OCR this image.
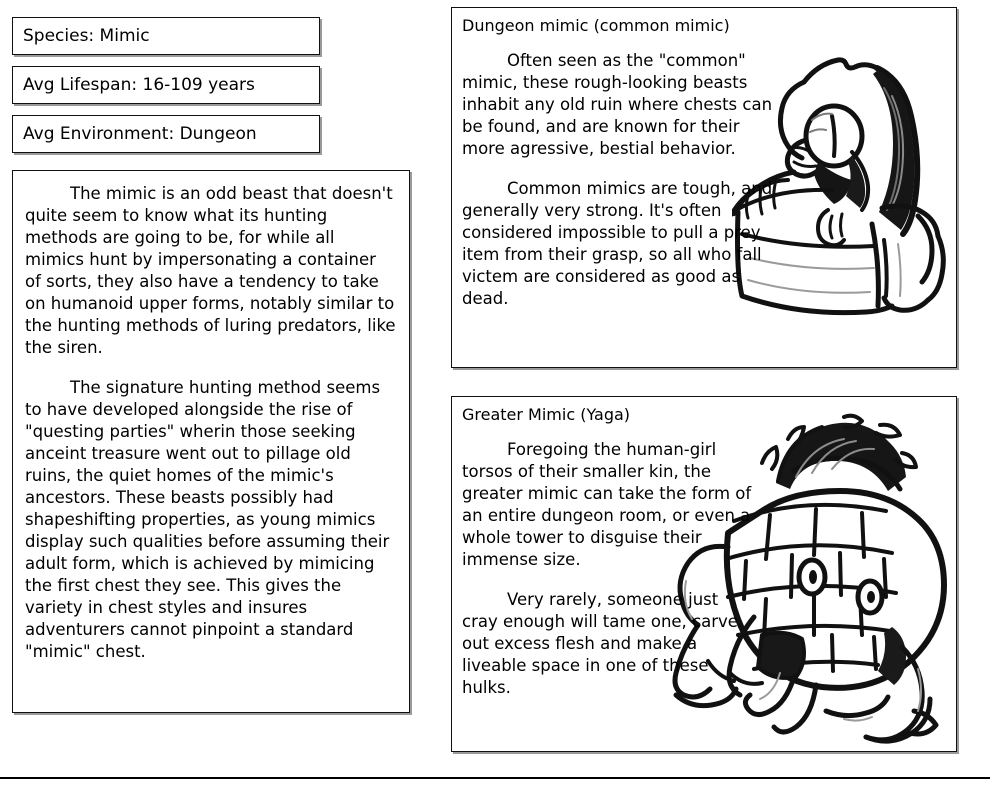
Species: Mimic
Avg Lifespan: 16-109 years
Avg Environment: Dungeon

The mimic is an odd beast that doesn't quite seem to know what its hunting methods are going to be, for while all mimics hunt by impersonating a container of sorts, they also have a tendency to take on humanoid upper forms, notably similar to the hunting methods of luring predators, like the siren.

The signature hunting method seems to have developed alongside the rise of "questing parties" wherin those seeking anceint treasure went out to pillage old ruins, the quiet homes of the mimic's ancestors. These beasts possibly had shapeshifting properties, as young mimics display such qualities before assuming their adult form, which is achieved by mimicing the first chest they see. This gives the variety in chest styles and insures adventurers cannot pinpoint a standard "mimic" chest.

Dungeon mimic (common mimic)

Often seen as the "common" mimic, these rough-looking beasts inhabit any old ruin where chests can be found, and are known for their more agressive, bestial behavior.

Common mimics are tough, and generally very strong. It's often considered impossible to pull a prey item from their grasp, so all who fall victem are considered as good as dead.

Greater Mimic (Yaga)

Foregoing the human-girl torsos of their smaller kin, the greater mimic can take the form of an entire dungeon room, or even a whole tower to disguise their immense size.

Very rarely, someone just cray enough will tame one, carve out excess flesh and make a liveable space in one of these hulks.
